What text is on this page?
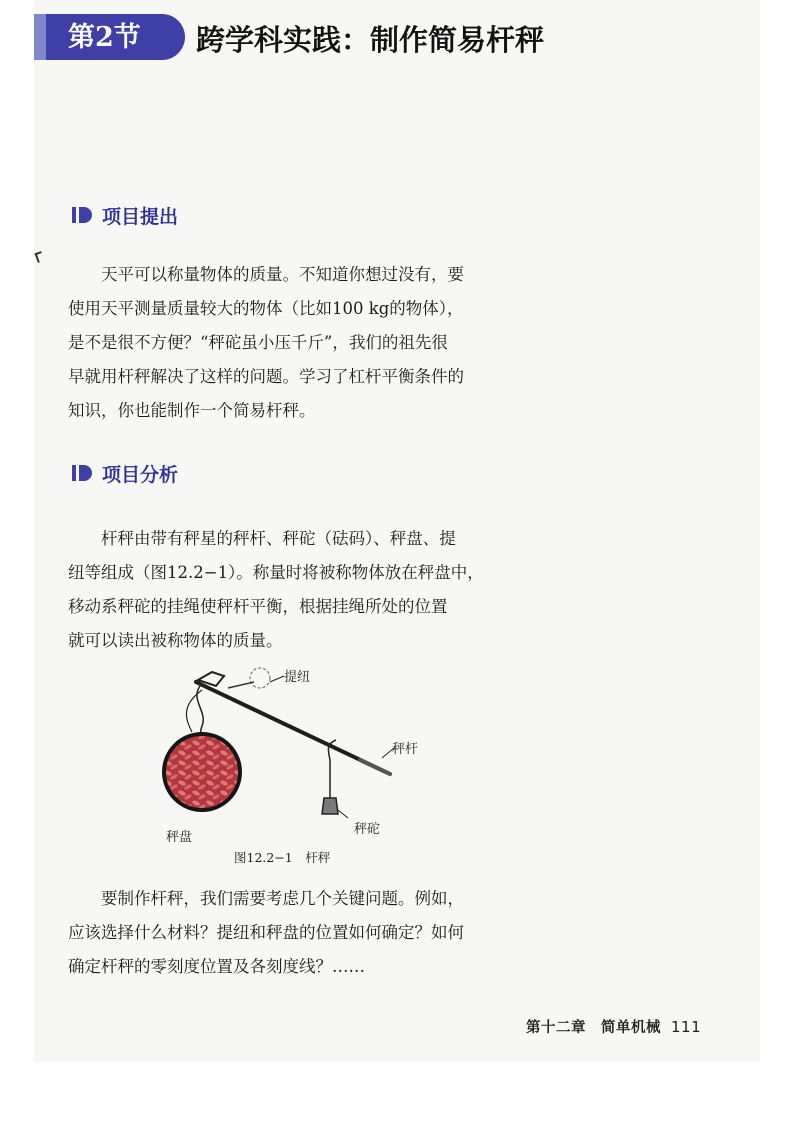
第2节	跨学科实践：制作简易杆秤
项目提出
　　天平可以称量物体的质量。不知道你想过没有，要
使用天平测量质量较大的物体（比如100 kg的物体），
是不是很不方便？“秤砣虽小压千斤”，我们的祖先很
早就用杆秤解决了这样的问题。学习了杠杆平衡条件的
知识，你也能制作一个简易杆秤。
项目分析
　　杆秤由带有秤星的秤杆、秤砣（砝码）、秤盘、提
纽等组成（图12.2−1）。称量时将被称物体放在秤盘中，
移动系秤砣的挂绳使秤杆平衡，根据挂绳所处的位置
就可以读出被称物体的质量。
提纽
秤杆
秤砣
秤盘
图12.2−1　杆秤
　　要制作杆秤，我们需要考虑几个关键问题。例如，
应该选择什么材料？提纽和秤盘的位置如何确定？如何
确定杆秤的零刻度位置及各刻度线？……
第十二章　简单机械 111
